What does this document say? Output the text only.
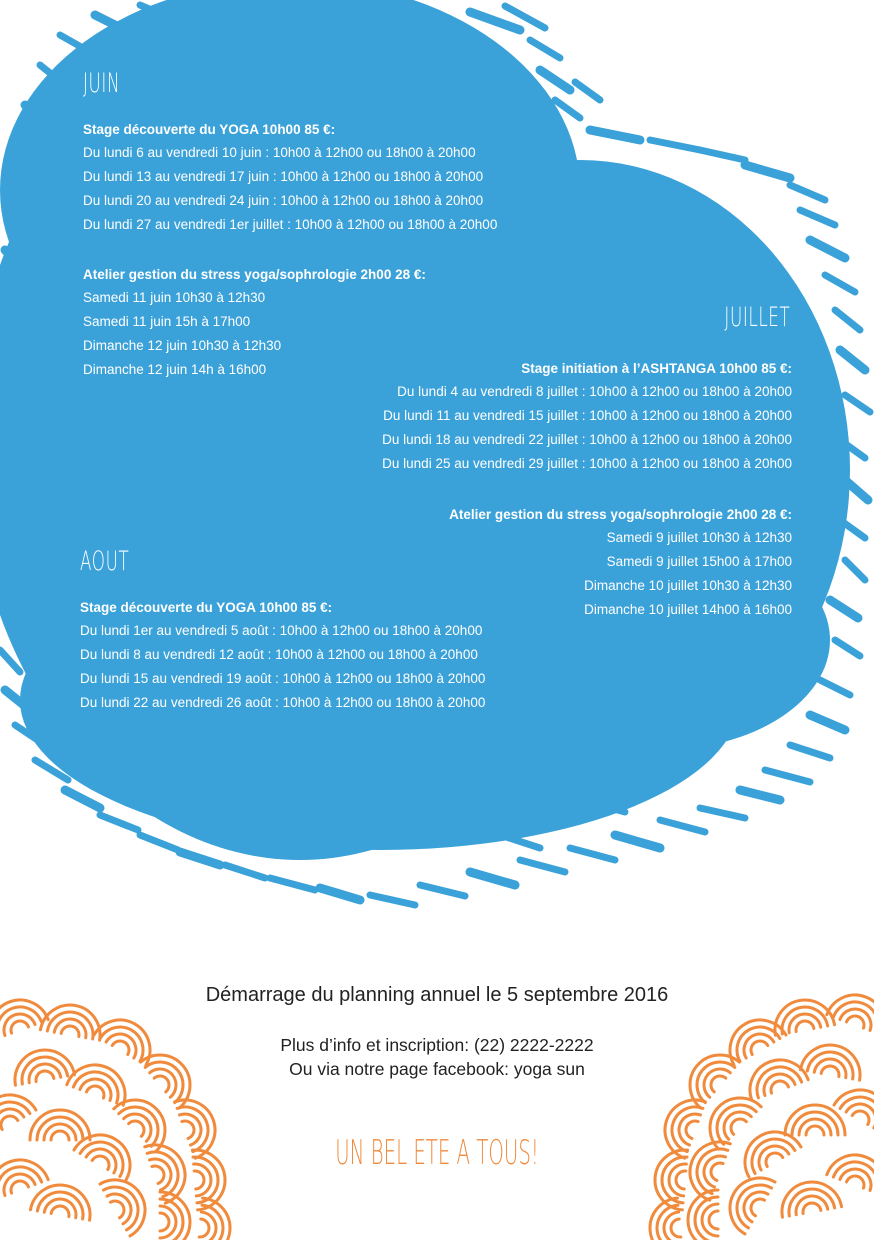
JUIN
Stage découverte du YOGA 10h00 85 €:
Du lundi 6 au vendredi 10 juin : 10h00 à 12h00 ou 18h00 à 20h00
Du lundi 13 au vendredi 17 juin : 10h00 à 12h00 ou 18h00 à 20h00
Du lundi 20 au vendredi 24 juin : 10h00 à 12h00 ou 18h00 à 20h00
Du lundi 27 au vendredi 1er juillet : 10h00 à 12h00 ou 18h00 à 20h00
Atelier gestion du stress yoga/sophrologie 2h00 28 €:
Samedi 11 juin 10h30 à 12h30
Samedi 11 juin 15h à 17h00
Dimanche 12 juin 10h30 à 12h30
Dimanche 12 juin 14h à 16h00
JUILLET
Stage initiation à l’ASHTANGA 10h00 85 €:
Du lundi 4 au vendredi 8 juillet : 10h00 à 12h00 ou 18h00 à 20h00
Du lundi 11 au vendredi 15 juillet : 10h00 à 12h00 ou 18h00 à 20h00
Du lundi 18 au vendredi 22 juillet : 10h00 à 12h00 ou 18h00 à 20h00
Du lundi 25 au vendredi 29 juillet : 10h00 à 12h00 ou 18h00 à 20h00
Atelier gestion du stress yoga/sophrologie 2h00 28 €:
Samedi 9 juillet 10h30 à 12h30
Samedi 9 juillet 15h00 à 17h00
Dimanche 10 juillet 10h30 à 12h30
Dimanche 10 juillet 14h00 à 16h00
AOUT
Stage découverte du YOGA 10h00 85 €:
Du lundi 1er au vendredi 5 août : 10h00 à 12h00 ou 18h00 à 20h00
Du lundi 8 au vendredi 12 août : 10h00 à 12h00 ou 18h00 à 20h00
Du lundi 15 au vendredi 19 août : 10h00 à 12h00 ou 18h00 à 20h00
Du lundi 22 au vendredi 26 août : 10h00 à 12h00 ou 18h00 à 20h00
Démarrage du planning annuel le 5 septembre 2016
Plus d’info et inscription: (22) 2222-2222
Ou via notre page facebook: yoga sun
UN BEL ETE A TOUS!
